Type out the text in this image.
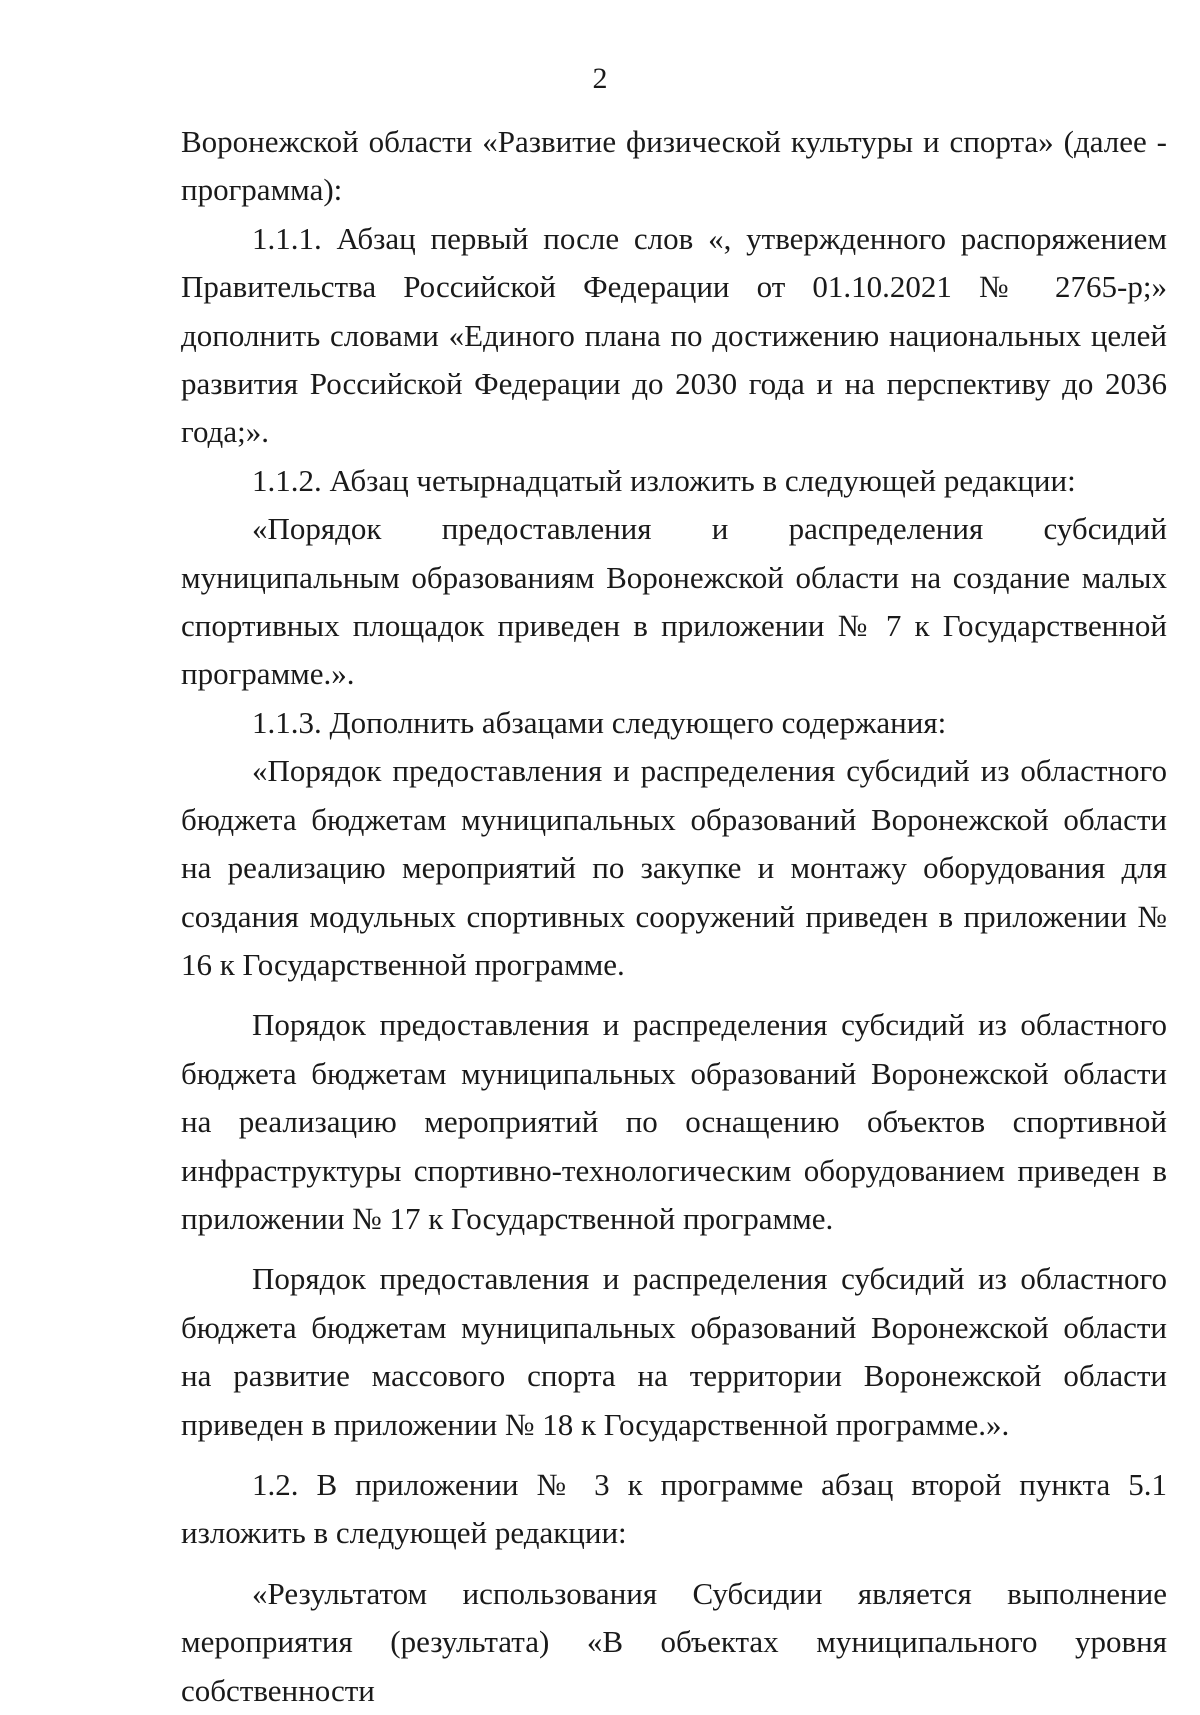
2

Воронежской области «Развитие физической культуры и спорта» (далее - программа):

1.1.1. Абзац первый после слов «, утвержденного распоряжением Правительства Российской Федерации от 01.10.2021 № 2765-р;» дополнить словами «Единого плана по достижению национальных целей развития Российской Федерации до 2030 года и на перспективу до 2036 года;».

1.1.2. Абзац четырнадцатый изложить в следующей редакции:

«Порядок предоставления и распределения субсидий муниципальным образованиям Воронежской области на создание малых спортивных площадок приведен в приложении № 7 к Государственной программе.».

1.1.3. Дополнить абзацами следующего содержания:

«Порядок предоставления и распределения субсидий из областного бюджета бюджетам муниципальных образований Воронежской области на реализацию мероприятий по закупке и монтажу оборудования для создания модульных спортивных сооружений приведен в приложении № 16 к Государственной программе.

Порядок предоставления и распределения субсидий из областного бюджета бюджетам муниципальных образований Воронежской области на реализацию мероприятий по оснащению объектов спортивной инфраструктуры спортивно-технологическим оборудованием приведен в приложении № 17 к Государственной программе.

Порядок предоставления и распределения субсидий из областного бюджета бюджетам муниципальных образований Воронежской области на развитие массового спорта на территории Воронежской области приведен в приложении № 18 к Государственной программе.».

1.2. В приложении № 3 к программе абзац второй пункта 5.1 изложить в следующей редакции:

«Результатом использования Субсидии является выполнение мероприятия (результата) «В объектах муниципального уровня собственности
